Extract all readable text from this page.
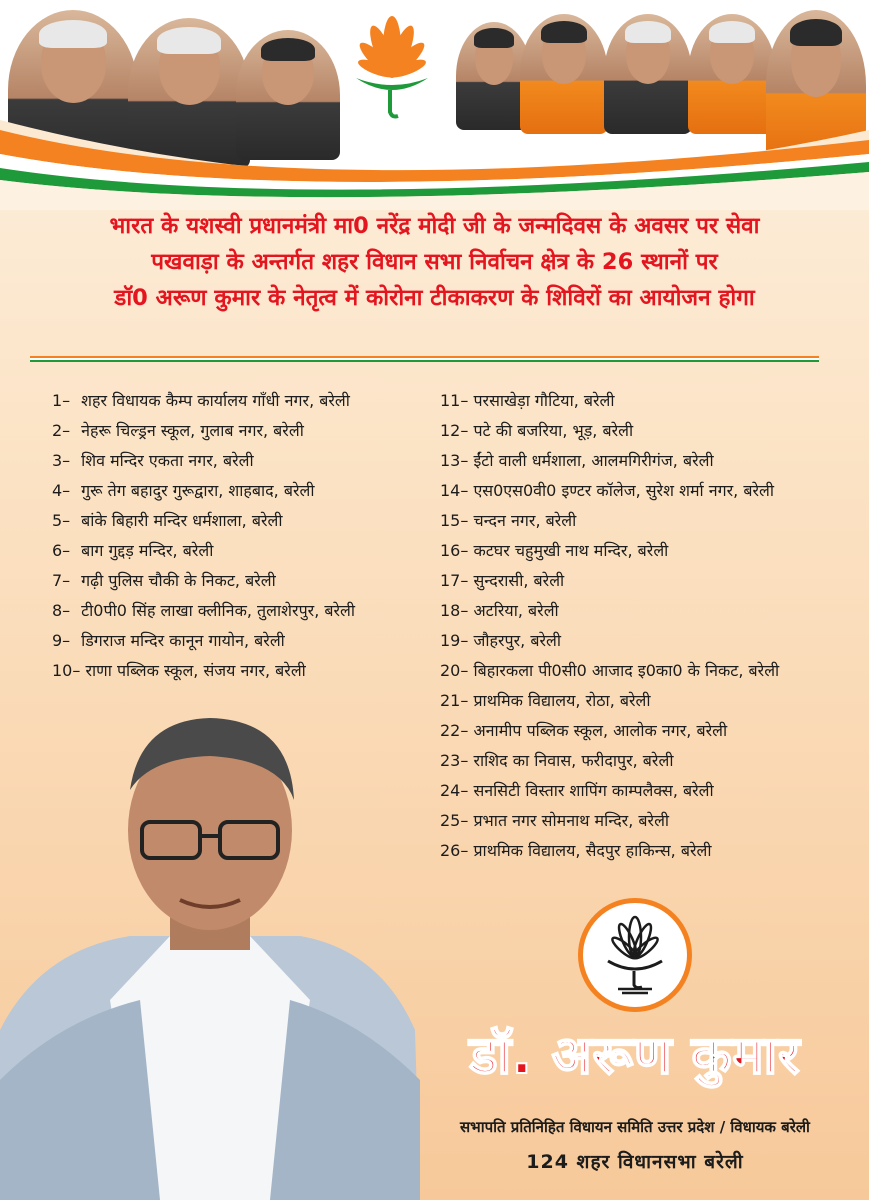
भारत के यशस्वी प्रधानमंत्री मा0 नरेंद्र मोदी जी के जन्मदिवस के अवसर पर सेवा
पखवाड़ा के अन्तर्गत शहर विधान सभा निर्वाचन क्षेत्र के 26 स्थानों पर
डॉ0 अरूण कुमार के नेतृत्व में कोरोना टीकाकरण के शिविरों का आयोजन होगा
1– शहर विधायक कैम्प कार्यालय गाँधी नगर, बरेली
2– नेहरू चिल्ड्रन स्कूल, गुलाब नगर, बरेली
3– शिव मन्दिर एकता नगर, बरेली
4– गुरू तेग बहादुर गुरूद्वारा, शाहबाद, बरेली
5– बांके बिहारी मन्दिर धर्मशाला, बरेली
6– बाग गुद्दड़ मन्दिर, बरेली
7– गढ़ी पुलिस चौकी के निकट, बरेली
8– टी0पी0 सिंह लाखा क्लीनिक, तुलाशेरपुर, बरेली
9– डिगराज मन्दिर कानून गायोन, बरेली
10– राणा पब्लिक स्कूल, संजय नगर, बरेली
11– परसाखेड़ा गौटिया, बरेली
12– पटे की बजरिया, भूड़, बरेली
13– ईंटो वाली धर्मशाला, आलमगिरीगंज, बरेली
14– एस0एस0वी0 इण्टर कॉलेज, सुरेश शर्मा नगर, बरेली
15– चन्दन नगर, बरेली
16– कटघर चहुमुखी नाथ मन्दिर, बरेली
17– सुन्दरासी, बरेली
18– अटरिया, बरेली
19– जौहरपुर, बरेली
20– बिहारकला पी0सी0 आजाद इ0का0 के निकट, बरेली
21– प्राथमिक विद्यालय, रोठा, बरेली
22– अनामीप पब्लिक स्कूल, आलोक नगर, बरेली
23– राशिद का निवास, फरीदापुर, बरेली
24– सनसिटी विस्तार शापिंग काम्पलैक्स, बरेली
25– प्रभात नगर सोमनाथ मन्दिर, बरेली
26– प्राथमिक विद्यालय, सैदपुर हाकिन्स, बरेली
डॉ. अरूण कुमार
सभापति प्रतिनिहित विधायन समिति उत्तर प्रदेश / विधायक बरेली
124 शहर विधानसभा बरेली
